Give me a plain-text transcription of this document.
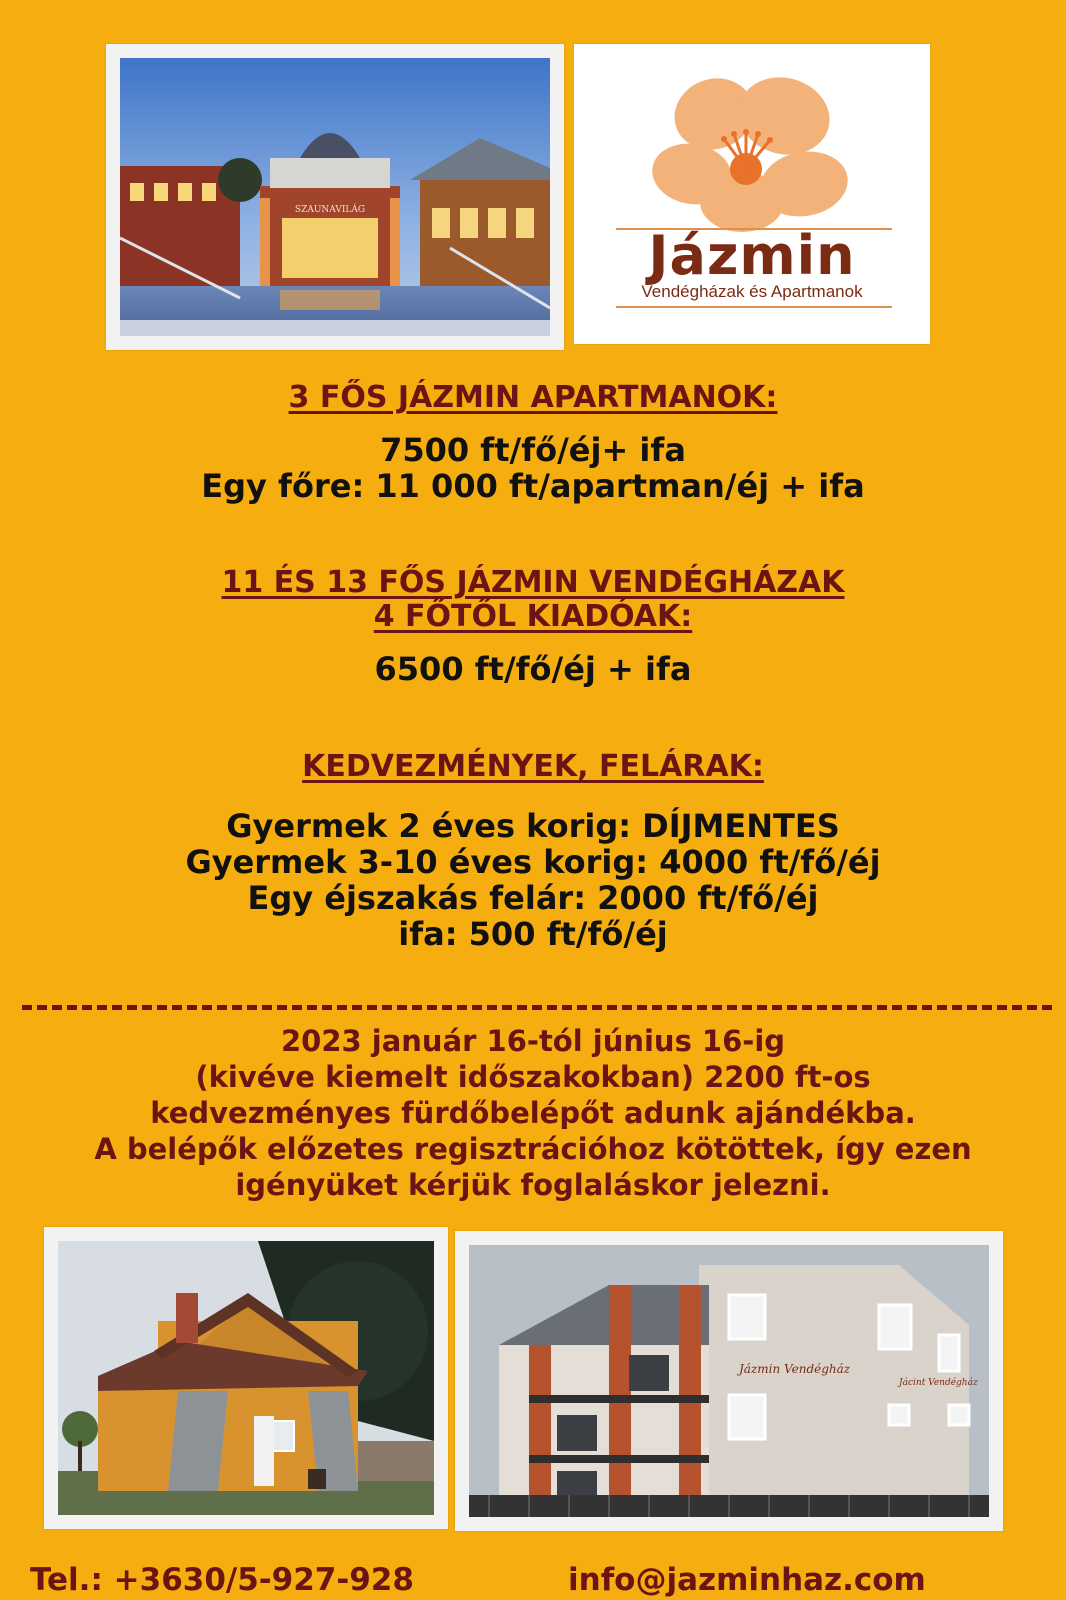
SZAUNAVILÁG
Jázmin
Vendégházak és Apartmanok
3 FŐS JÁZMIN APARTMANOK:
7500 ft/fő/éj+ ifa
Egy főre: 11 000 ft/apartman/éj + ifa
11 ÉS 13 FŐS JÁZMIN VENDÉGHÁZAK
4 FŐTŐL KIADÓAK:
6500 ft/fő/éj + ifa
KEDVEZMÉNYEK, FELÁRAK:
Gyermek 2 éves korig: DÍJMENTES
Gyermek 3-10 éves korig: 4000 ft/fő/éj
Egy éjszakás felár: 2000 ft/fő/éj
ifa: 500 ft/fő/éj
2023 január 16-tól június 16-ig
(kivéve kiemelt időszakokban) 2200 ft-os
kedvezményes fürdőbelépőt adunk ajándékba.
A belépők előzetes regisztrációhoz kötöttek, így ezen
igényüket kérjük foglaláskor jelezni.
Jázmin Vendégház
Jácint Vendégház
Tel.: +3630/5-927-928	info@jazminhaz.com
